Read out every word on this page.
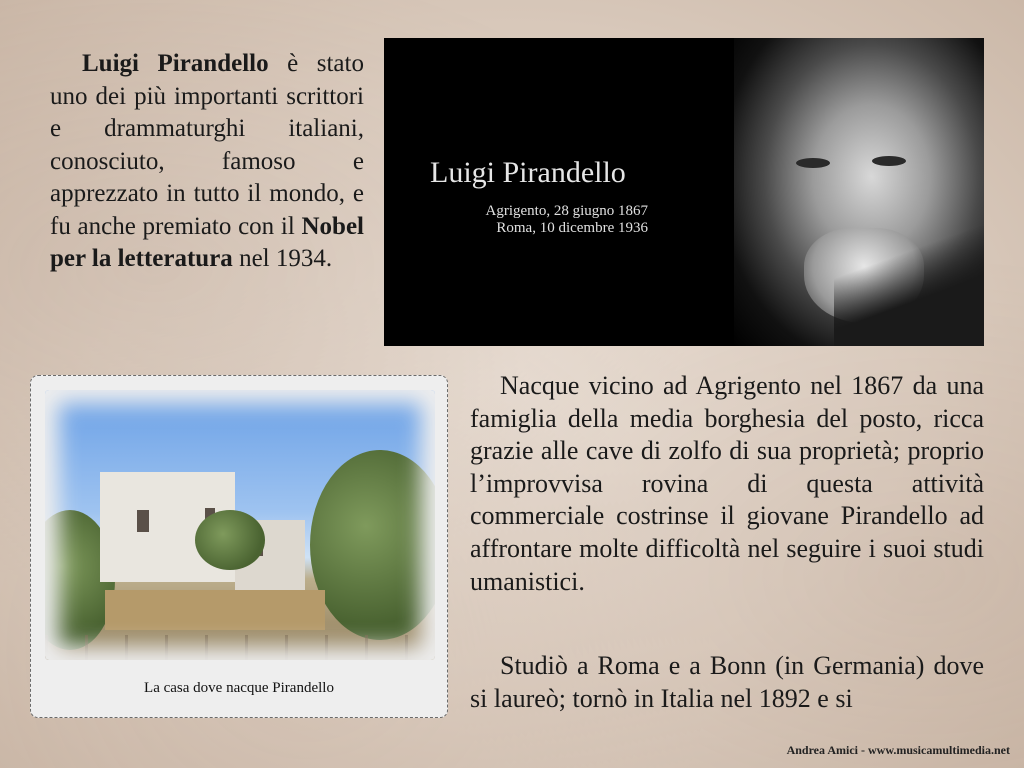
Luigi Pirandello è stato uno dei più importanti scrittori e drammaturghi italiani, conosciuto, famoso e apprezzato in tutto il mondo, e fu anche premiato con il Nobel per la letteratura nel 1934.

Luigi Pirandello
Agrigento, 28 giugno 1867
Roma, 10 dicembre 1936
La casa dove nacque Pirandello

Nacque vicino ad Agrigento nel 1867 da una famiglia della media borghesia del posto, ricca grazie alle cave di zolfo di sua proprietà; proprio l’improvvisa rovina di questa attività commerciale costrinse il giovane Pirandello ad affrontare molte difficoltà nel seguire i suoi studi umanistici.

Studiò a Roma e a Bonn (in Germania) dove si laureò; tornò in Italia nel 1892 e si

Andrea Amici - www.musicamultimedia.net
